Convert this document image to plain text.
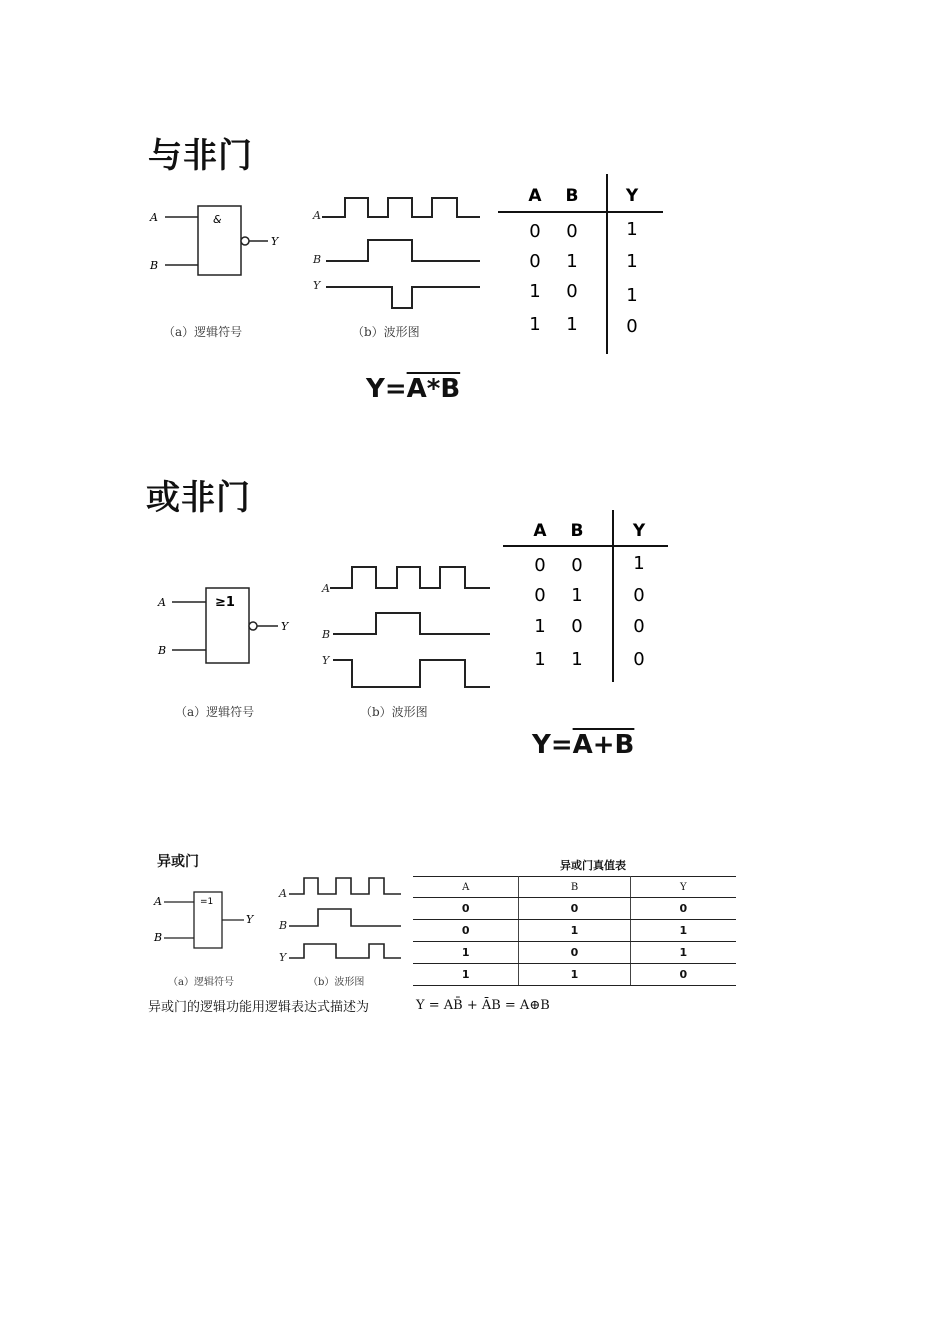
与非门
A
B
Y
&	A
B
Y
（a）逻辑符号	（b）波形图
A B	Y
0 0	1
0 1	1
1 0	1
1 1	0
Y=A*B
或非门
A B	Y
0 0	1
0 1	0
1 0	0
1 1	0
A
B
Y
≥1
A
B
Y
（a）逻辑符号	（b）波形图
Y=A+B
异或门
A
B
Y
=1
A
B
Y
（a）逻辑符号	（b）波形图
异或门真值表
A	B	Y
0	0	0
0	1	1
1	0	1
1	1	0
异或门的逻辑功能用逻辑表达式描述为	Y = AB̄ + ĀB = A⊕B
